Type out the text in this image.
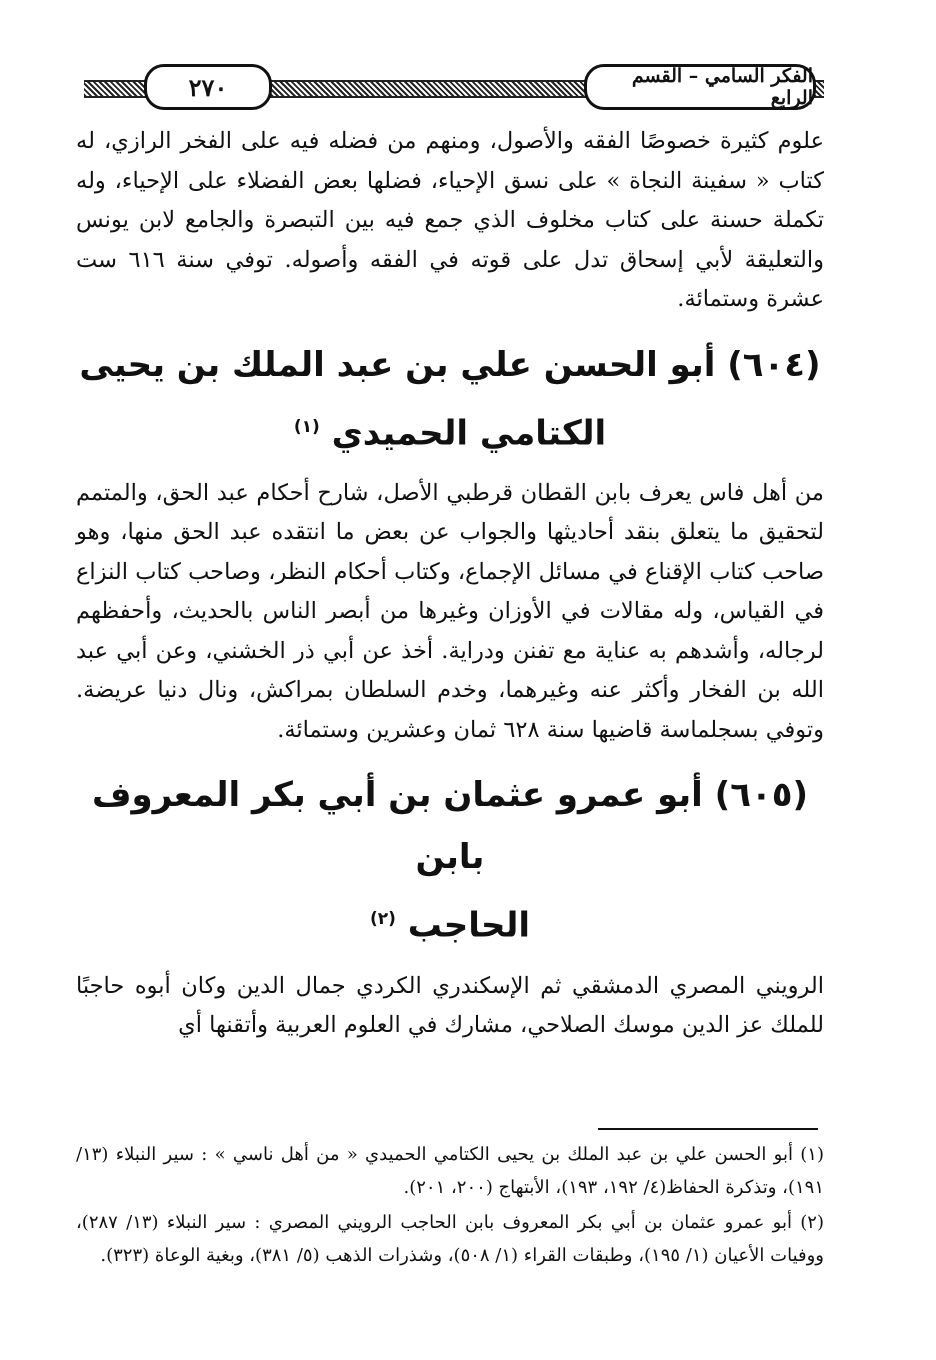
٢٧٠	الفكر السامي – القسم الرابع

علوم كثيرة خصوصًا الفقه والأصول، ومنهم من فضله فيه على الفخر الرازي، له كتاب « سفينة النجاة » على نسق الإحياء، فضلها بعض الفضلاء على الإحياء، وله تكملة حسنة على كتاب مخلوف الذي جمع فيه بين التبصرة والجامع لابن يونس والتعليقة لأبي إسحاق تدل على قوته في الفقه وأصوله. توفي سنة ٦١٦ ست عشرة وستمائة.

(٦٠٤) أبو الحسن علي بن عبد الملك بن يحيى
الكتامي الحميدي $^{(١)}$

من أهل فاس يعرف بابن القطان قرطبي الأصل، شارح أحكام عبد الحق، والمتمم لتحقيق ما يتعلق بنقد أحاديثها والجواب عن بعض ما انتقده عبد الحق منها، وهو صاحب كتاب الإقناع في مسائل الإجماع، وكتاب أحكام النظر، وصاحب كتاب النزاع في القياس، وله مقالات في الأوزان وغيرها من أبصر الناس بالحديث، وأحفظهم لرجاله، وأشدهم به عناية مع تفنن ودراية. أخذ عن أبي ذر الخشني، وعن أبي عبد الله بن الفخار وأكثر عنه وغيرهما، وخدم السلطان بمراكش، ونال دنيا عريضة. وتوفي بسجلماسة قاضيها سنة ٦٢٨ ثمان وعشرين وستمائة.

(٦٠٥) أبو عمرو عثمان بن أبي بكر المعروف بابن
الحاجب $^{(٢)}$

الرويني المصري الدمشقي ثم الإسكندري الكردي جمال الدين وكان أبوه حاجبًا للملك عز الدين موسك الصلاحي، مشارك في العلوم العربية وأتقنها أي

(١) أبو الحسن علي بن عبد الملك بن يحيى الكتامي الحميدي « من أهل ناسي » : سير النبلاء (١٣/ ١٩١)، وتذكرة الحفاظ(٤/ ١٩٢، ١٩٣)، الأبتهاج (٢٠٠، ٢٠١).

(٢) أبو عمرو عثمان بن أبي بكر المعروف بابن الحاجب الرويني المصري : سير النبلاء (١٣/ ٢٨٧)، ووفيات الأعيان (١/ ١٩٥)، وطبقات القراء (١/ ٥٠٨)، وشذرات الذهب (٥/ ٣٨١)، وبغية الوعاة (٣٢٣).
